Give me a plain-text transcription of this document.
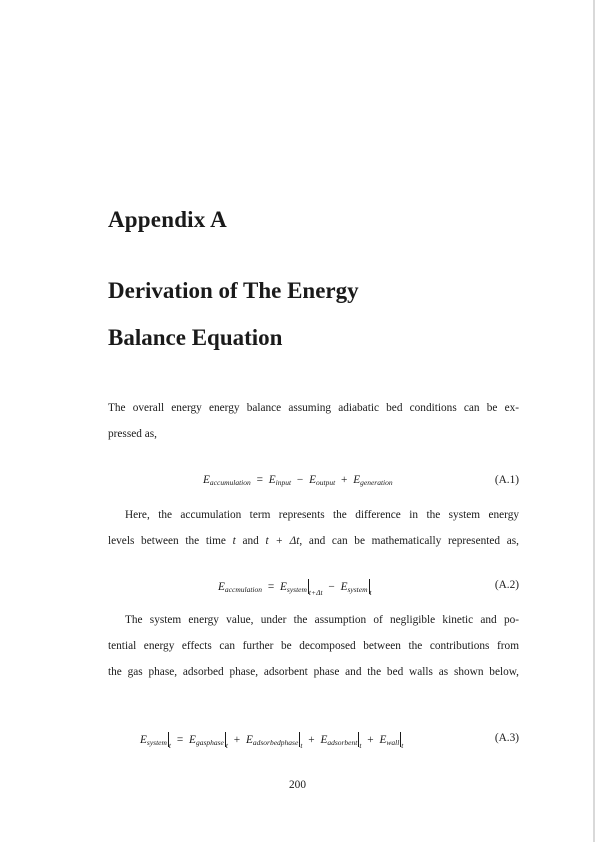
Appendix A
Derivation of The Energy
Balance Equation
The overall energy energy balance assuming adiabatic bed conditions can be ex-
pressed as,
$E_{accumulation} = E_{input} - E_{output} + E_{generation}$	(A.1)
Here, the accumulation term represents the difference in the system energy
levels between the time t and t + Δt, and can be mathematically represented as,
$E_{accmulation} = E_{system}$ $_{t+\Delta t} - E_{system}$ $_t$
(A.2)
The system energy value, under the assumption of negligible kinetic and po-
tential energy effects can further be decomposed between the contributions from
the gas phase, adsorbed phase, adsorbent phase and the bed walls as shown below,
$E_{system}$ $_t = E_{gasphase}$ $_t + E_{adsorbedphase}$ $_t + E_{adsorbent}$ $_t + E_{wall}$ $_t$
(A.3)
200
